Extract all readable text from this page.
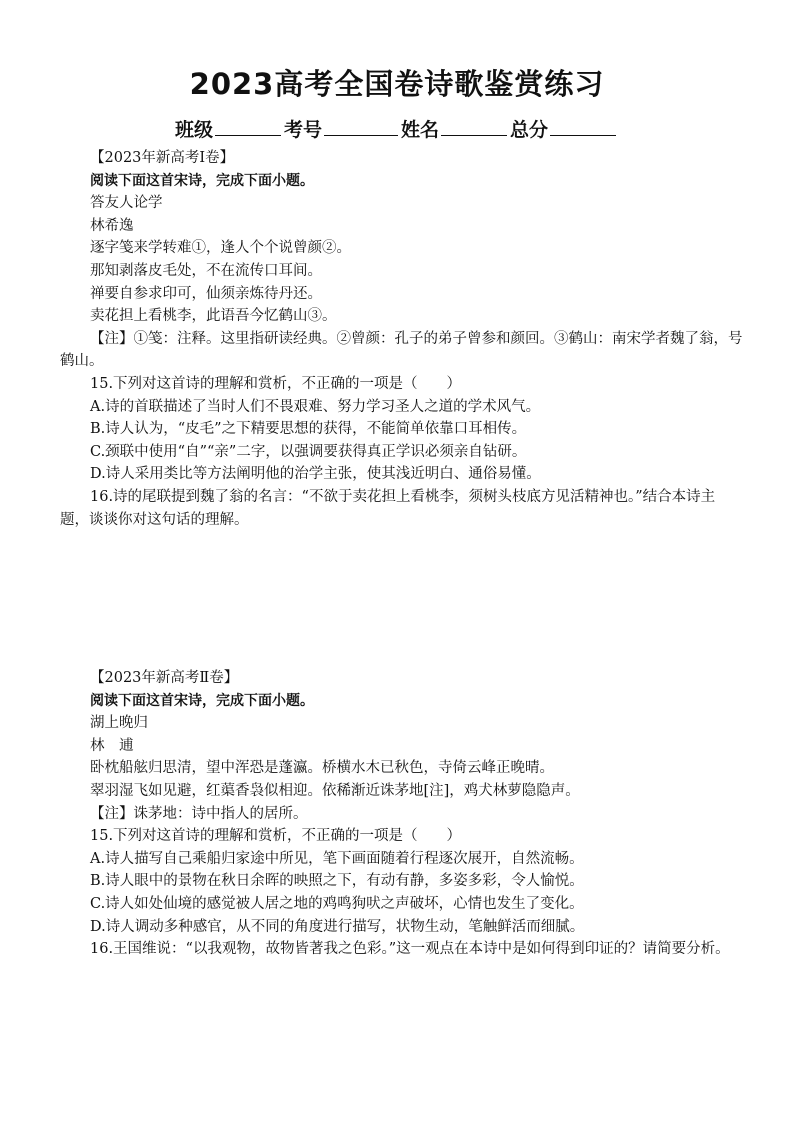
2023高考全国卷诗歌鉴赏练习
班级	考号	姓名	总分
【2023年新高考Ⅰ卷】
阅读下面这首宋诗，完成下面小题。
答友人论学
林希逸
逐字笺来学转难①，逢人个个说曾颜②。
那知剥落皮毛处，不在流传口耳间。
禅要自参求印可，仙须亲炼待丹还。
卖花担上看桃李，此语吾今忆鹤山③。
【注】①笺：注释。这里指研读经典。②曾颜：孔子的弟子曾参和颜回。③鹤山：南宋学者魏了翁，号鹤山。
15.下列对这首诗的理解和赏析，不正确的一项是（　　）
A.诗的首联描述了当时人们不畏艰难、努力学习圣人之道的学术风气。
B.诗人认为，“皮毛”之下精要思想的获得，不能简单依靠口耳相传。
C.颈联中使用“自”“亲”二字，以强调要获得真正学识必须亲自钻研。
D.诗人采用类比等方法阐明他的治学主张，使其浅近明白、通俗易懂。
16.诗的尾联提到魏了翁的名言：“不欲于卖花担上看桃李，须树头枝底方见活精神也。”结合本诗主题，谈谈你对这句话的理解。
【2023年新高考Ⅱ卷】
阅读下面这首宋诗，完成下面小题。
湖上晚归
林　逋
卧枕船舷归思清，望中浑恐是蓬瀛。桥横水木已秋色，寺倚云峰正晚晴。
翠羽湿飞如见避，红蕖香袅似相迎。依稀渐近诛茅地[注]，鸡犬林萝隐隐声。
【注】诛茅地：诗中指人的居所。
15.下列对这首诗的理解和赏析，不正确的一项是（　　）
A.诗人描写自己乘船归家途中所见，笔下画面随着行程逐次展开，自然流畅。
B.诗人眼中的景物在秋日余晖的映照之下，有动有静，多姿多彩，令人愉悦。
C.诗人如处仙境的感觉被人居之地的鸡鸣狗吠之声破坏，心情也发生了变化。
D.诗人调动多种感官，从不同的角度进行描写，状物生动，笔触鲜活而细腻。
16.王国维说：“以我观物，故物皆著我之色彩。”这一观点在本诗中是如何得到印证的？请简要分析。
